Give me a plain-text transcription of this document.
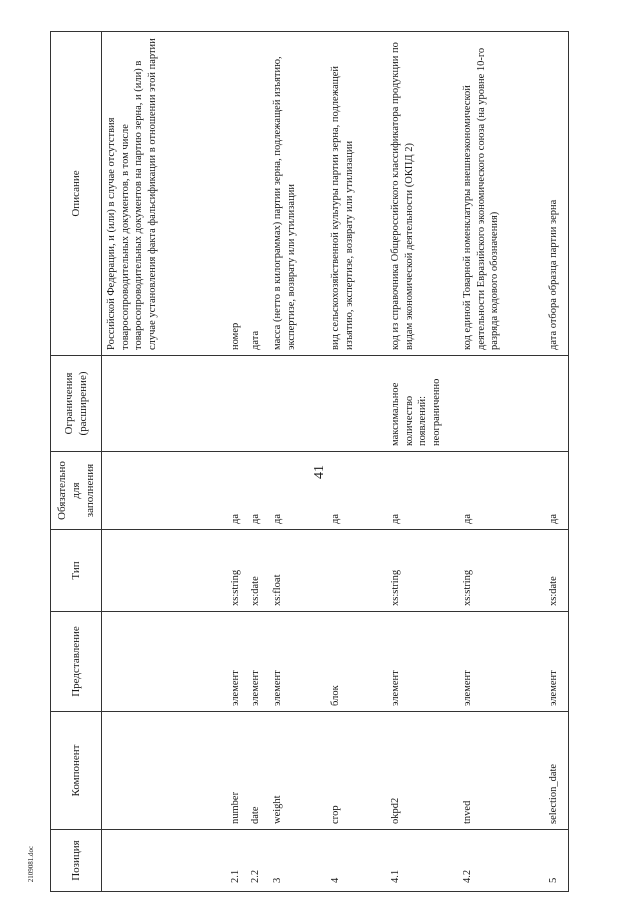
41
2109081.doc	Позиция	Компонент	Представление	Тип	Обязательно для заполнения	Ограничения (расширение)	Описание
						Российской Федерации, и (или) в случае отсутствия товаросопроводительных документов, в том числе товаросопроводительных документов на партию зерна, и (или) в случае установления факта фальсификации в отношении этой партии
2.1	number	элемент	xs:string	да		номер
2.2	date	элемент	xs:date	да		дата
3	weight	элемент	xs:float	да		масса (нетто в килограммах) партии зерна, подлежащей изъятию, экспертизе, возврату или утилизации
4	crop	блок		да		вид сельскохозяйственной культуры партии зерна, подлежащей изъятию, экспертизе, возврату или утилизации
4.1	okpd2	элемент	xs:string	да	максимальное количество появлений: неограниченно	код из справочника Общероссийского классификатора продукции по видам экономической деятельности (ОКПД 2)
4.2	tnved	элемент	xs:string	да		код единой Товарной номенклатуры внешнеэкономической деятельности Евразийского экономического союза (на уровне 10-го разряда кодового обозначения)
5	selection_date	элемент	xs:date	да		дата отбора образца партии зерна
